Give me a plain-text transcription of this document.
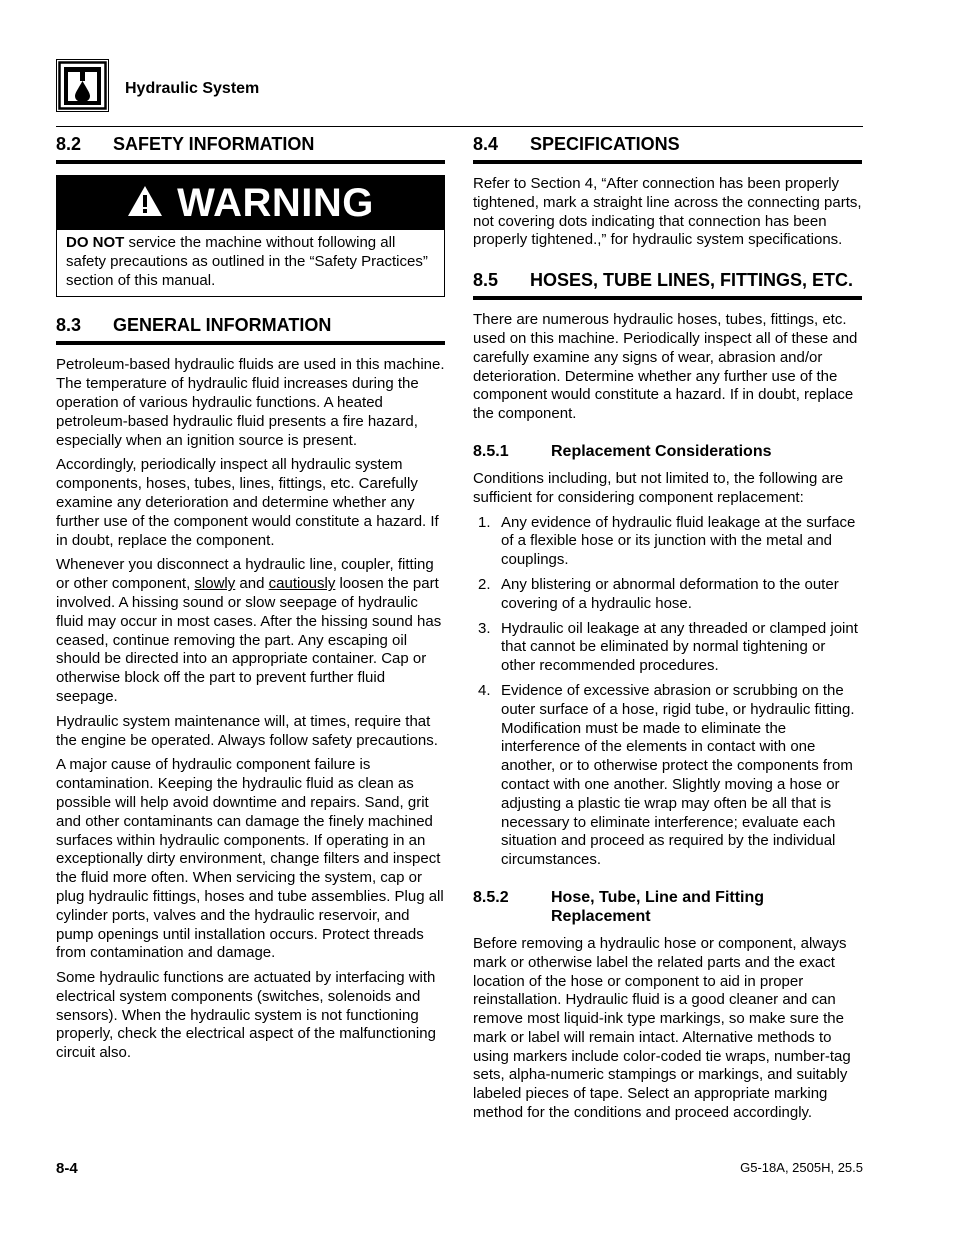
Hydraulic System
8.2	SAFETY INFORMATION
WARNING
DO NOT service the machine without following all safety precautions as outlined in the “Safety Practices” section of this manual.
8.3	GENERAL INFORMATION

Petroleum-based hydraulic fluids are used in this machine. The temperature of hydraulic fluid increases during the operation of various hydraulic functions. A heated petroleum-based hydraulic fluid presents a fire hazard, especially when an ignition source is present.

Accordingly, periodically inspect all hydraulic system components, hoses, tubes, lines, fittings, etc. Carefully examine any deterioration and determine whether any further use of the component would constitute a hazard. If in doubt, replace the component.

Whenever you disconnect a hydraulic line, coupler, fitting or other component, slowly and cautiously loosen the part involved. A hissing sound or slow seepage of hydraulic fluid may occur in most cases. After the hissing sound has ceased, continue removing the part. Any escaping oil should be directed into an appropriate container. Cap or otherwise block off the part to prevent further fluid seepage.

Hydraulic system maintenance will, at times, require that the engine be operated. Always follow safety precautions.

A major cause of hydraulic component failure is contamination. Keeping the hydraulic fluid as clean as possible will help avoid downtime and repairs. Sand, grit and other contaminants can damage the finely machined surfaces within hydraulic components. If operating in an exceptionally dirty environment, change filters and inspect the fluid more often. When servicing the system, cap or plug hydraulic fittings, hoses and tube assemblies. Plug all cylinder ports, valves and the hydraulic reservoir, and pump openings until installation occurs. Protect threads from contamination and damage.

Some hydraulic functions are actuated by interfacing with electrical system components (switches, solenoids and sensors). When the hydraulic system is not functioning properly, check the electrical aspect of the malfunctioning circuit also.

8.4	SPECIFICATIONS

Refer to Section 4, “After connection has been properly tightened, mark a straight line across the connecting parts, not covering dots indicating that connection has been properly tightened.,” for hydraulic system specifications.

8.5	HOSES, TUBE LINES, FITTINGS, ETC.

There are numerous hydraulic hoses, tubes, fittings, etc. used on this machine. Periodically inspect all of these and carefully examine any signs of wear, abrasion and/or deterioration. Determine whether any further use of the component would constitute a hazard. If in doubt, replace the component.

8.5.1	Replacement Considerations

Conditions including, but not limited to, the following are sufficient for considering component replacement:

1. Any evidence of hydraulic fluid leakage at the surface of a flexible hose or its junction with the metal and couplings.
2. Any blistering or abnormal deformation to the outer covering of a hydraulic hose.
3. Hydraulic oil leakage at any threaded or clamped joint that cannot be eliminated by normal tightening or other recommended procedures.
4. Evidence of excessive abrasion or scrubbing on the outer surface of a hose, rigid tube, or hydraulic fitting. Modification must be made to eliminate the interference of the elements in contact with one another, or to otherwise protect the components from contact with one another. Slightly moving a hose or adjusting a plastic tie wrap may often be all that is necessary to eliminate interference; evaluate each situation and proceed as required by the individual circumstances.
8.5.2	Hose, Tube, Line and Fitting Replacement

Before removing a hydraulic hose or component, always mark or otherwise label the related parts and the exact location of the hose or component to aid in proper reinstallation. Hydraulic fluid is a good cleaner and can remove most liquid-ink type markings, so make sure the mark or label will remain intact. Alternative methods to using markers include color-coded tie wraps, number-tag sets, alpha-numeric stampings or markings, and suitably labeled pieces of tape. Select an appropriate marking method for the conditions and proceed accordingly.

8-4	G5-18A, 2505H, 25.5
